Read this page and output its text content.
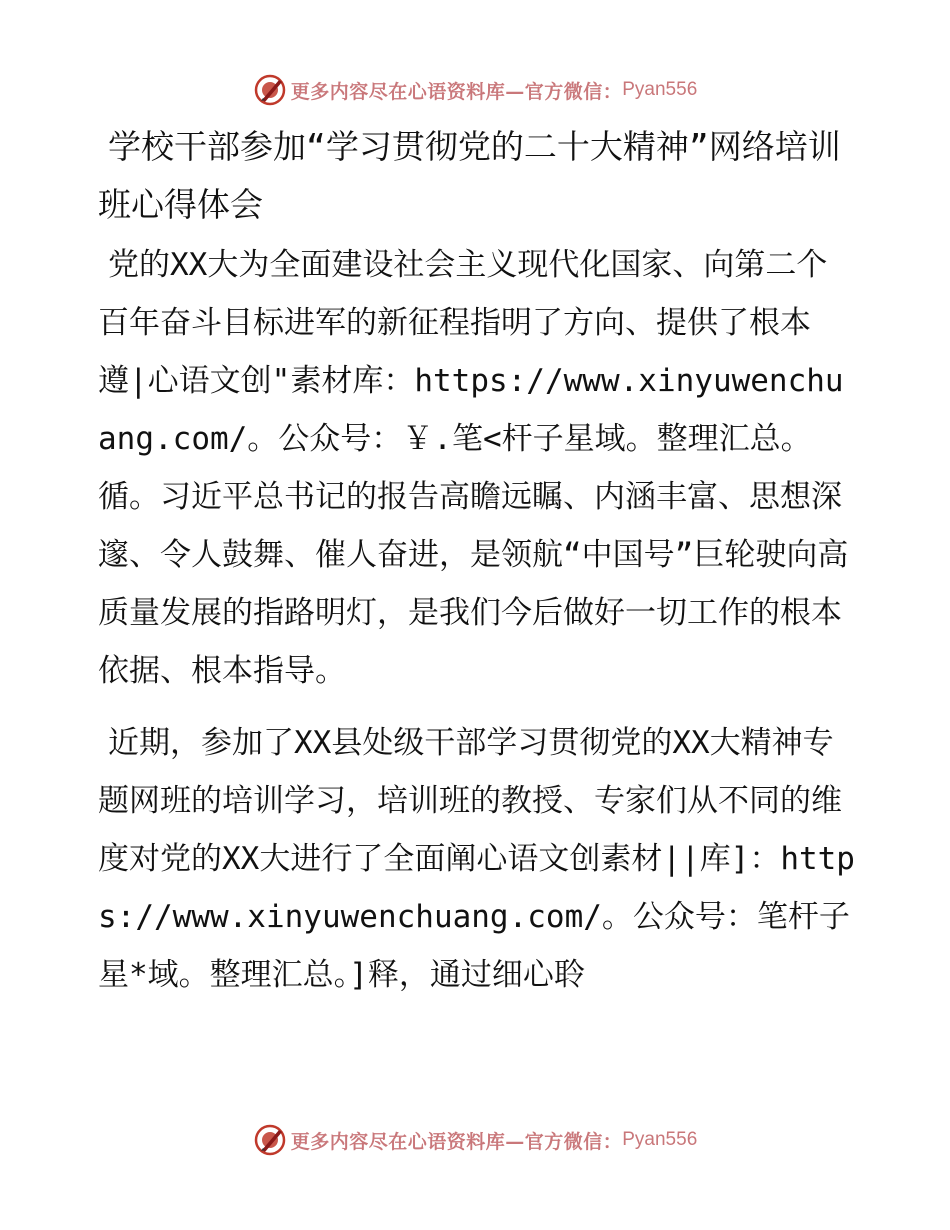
更多内容尽在心语资料库—官方微信： Pyan556
学校干部参加“学习贯彻党的二十大精神”网络培训班心得体会

党的XX大为全面建设社会主义现代化国家、向第二个百年奋斗目标进军的新征程指明了方向、提供了根本遵|心语文创"素材库：https://www.xinyuwenchuang.com/。公众号：￥.笔<杆子星域。整理汇总。循。习近平总书记的报告高瞻远瞩、内涵丰富、思想深邃、令人鼓舞、催人奋进，是领航“中国号”巨轮驶向高质量发展的指路明灯，是我们今后做好一切工作的根本依据、根本指导。

近期，参加了XX县处级干部学习贯彻党的XX大精神专题网班的培训学习，培训班的教授、专家们从不同的维度对党的XX大进行了全面阐心语文创素材||库]：https://www.xinyuwenchuang.com/。公众号：笔杆子星*域。整理汇总。]释，通过细心聆

更多内容尽在心语资料库—官方微信： Pyan556
